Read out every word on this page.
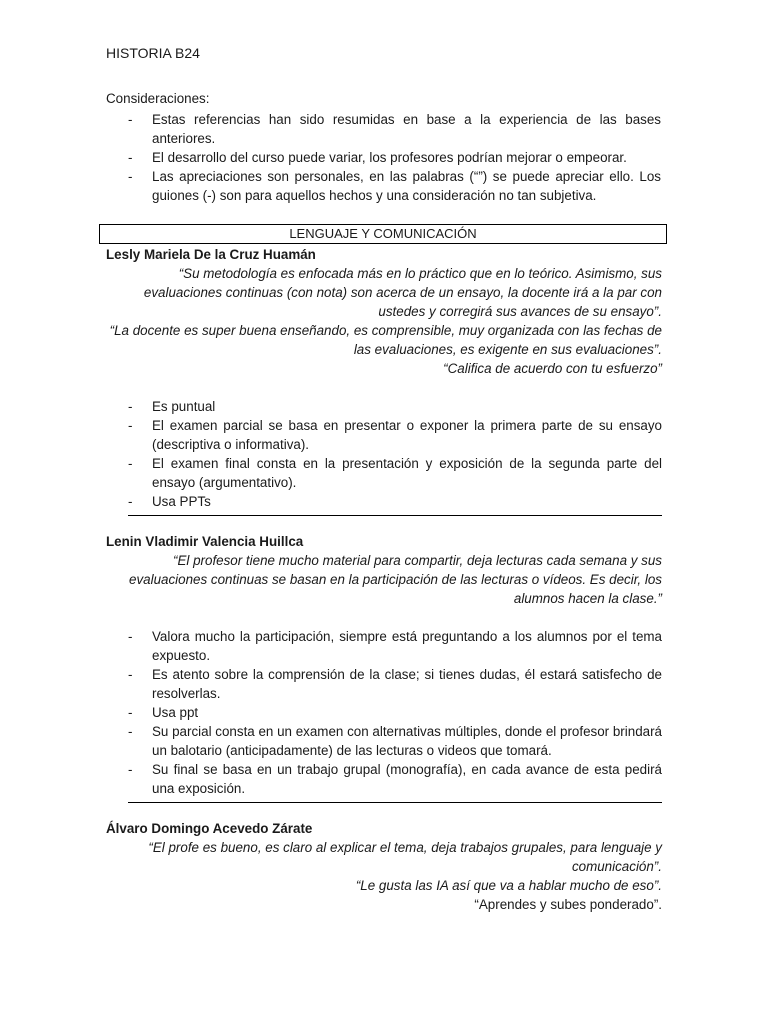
HISTORIA B24
Consideraciones:
- Estas referencias han sido resumidas en base a la experiencia de las bases anteriores.
- El desarrollo del curso puede variar, los profesores podrían mejorar o empeorar.
- Las apreciaciones son personales, en las palabras (“”) se puede apreciar ello. Los guiones (-) son para aquellos hechos y una consideración no tan subjetiva.
LENGUAJE Y COMUNICACIÓN
Lesly Mariela De la Cruz Huamán
“Su metodología es enfocada más en lo práctico que en lo teórico. Asimismo, sus evaluaciones continuas (con nota) son acerca de un ensayo, la docente irá a la par con ustedes y corregirá sus avances de su ensayo”.
“La docente es super buena enseñando, es comprensible, muy organizada con las fechas de las evaluaciones, es exigente en sus evaluaciones”.
“Califica de acuerdo con tu esfuerzo”
- Es puntual
- El examen parcial se basa en presentar o exponer la primera parte de su ensayo (descriptiva o informativa).
- El examen final consta en la presentación y exposición de la segunda parte del ensayo (argumentativo).
- Usa PPTs
Lenin Vladimir Valencia Huillca
“El profesor tiene mucho material para compartir, deja lecturas cada semana y sus evaluaciones continuas se basan en la participación de las lecturas o vídeos. Es decir, los alumnos hacen la clase.”
- Valora mucho la participación, siempre está preguntando a los alumnos por el tema expuesto.
- Es atento sobre la comprensión de la clase; si tienes dudas, él estará satisfecho de resolverlas.
- Usa ppt
- Su parcial consta en un examen con alternativas múltiples, donde el profesor brindará un balotario (anticipadamente) de las lecturas o videos que tomará.
- Su final se basa en un trabajo grupal (monografía), en cada avance de esta pedirá una exposición.
Álvaro Domingo Acevedo Zárate
“El profe es bueno, es claro al explicar el tema, deja trabajos grupales, para lenguaje y comunicación”.
“Le gusta las IA así que va a hablar mucho de eso”.
“Aprendes y subes ponderado”.
